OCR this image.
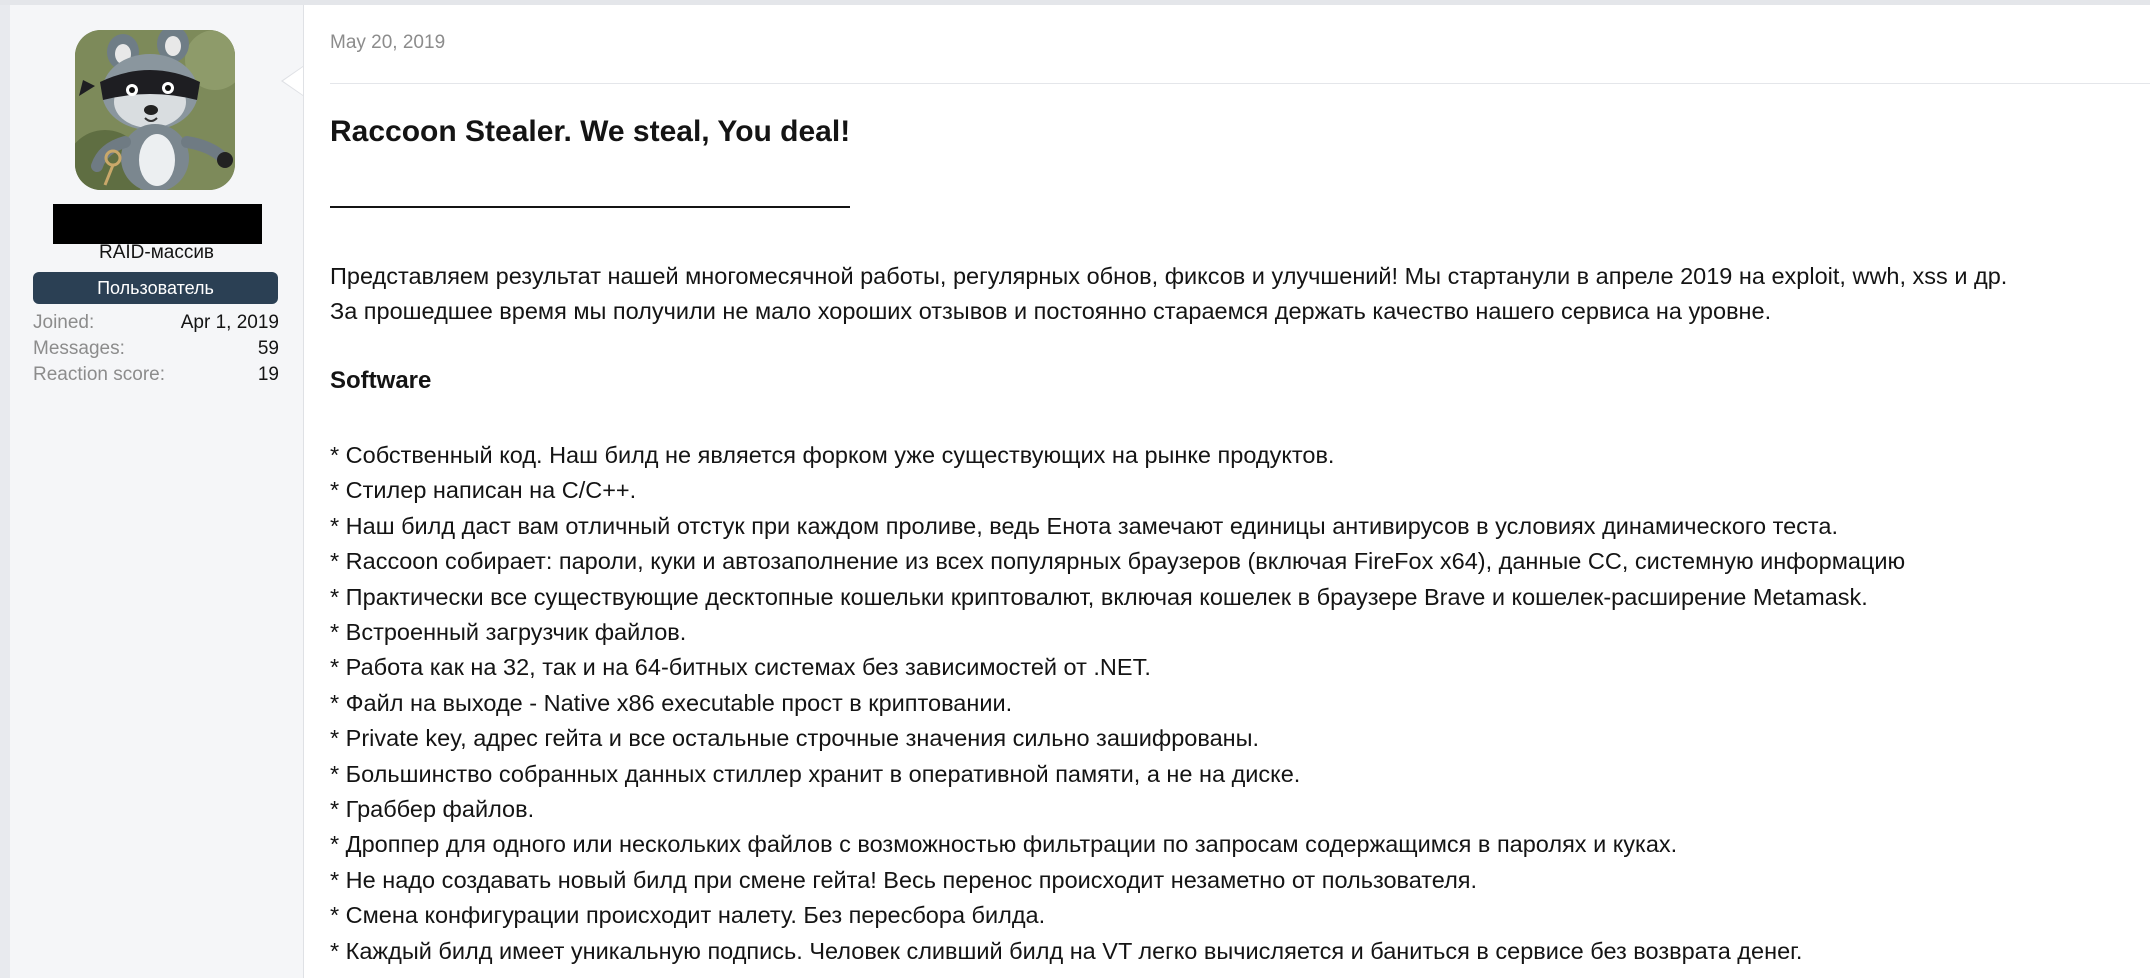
RAID-массив
Пользователь
Joined:	Apr 1, 2019
Messages:	59
Reaction score:	19
May 20, 2019
Raccoon Stealer. We steal, You deal!
Представляем результат нашей многомесячной работы, регулярных обнов, фиксов и улучшений! Мы стартанули в апреле 2019 на exploit, wwh, xss и др.
За прошедшее время мы получили не мало хороших отзывов и постоянно стараемся держать качество нашего сервиса на уровне.
Software
* Собственный код. Наш билд не является форком уже существующих на рынке продуктов.
* Стилер написан на C/C++.
* Наш билд даст вам отличный отстук при каждом проливе, ведь Енота замечают единицы антивирусов в условиях динамического теста.
* Raccoon собирает: пароли, куки и автозаполнение из всех популярных браузеров (включая FireFox x64), данные CC, системную информацию
* Практически все существующие десктопные кошельки криптовалют, включая кошелек в браузере Brave и кошелек-расширение Metamask.
* Встроенный загрузчик файлов.
* Работа как на 32, так и на 64-битных системах без зависимостей от .NET.
* Файл на выходе - Native x86 executable прост в криптовании.
* Private key, адрес гейта и все остальные строчные значения сильно зашифрованы.
* Большинство собранных данных стиллер хранит в оперативной памяти, а не на диске.
* Граббер файлов.
* Дроппер для одного или нескольких файлов с возможностью фильтрации по запросам содержащимся в паролях и куках.
* Не надо создавать новый билд при смене гейта! Весь перенос происходит незаметно от пользователя.
* Смена конфигурации происходит налету. Без пересбора билда.
* Каждый билд имеет уникальную подпись. Человек сливший билд на VT легко вычисляется и баниться в сервисе без возврата денег.
